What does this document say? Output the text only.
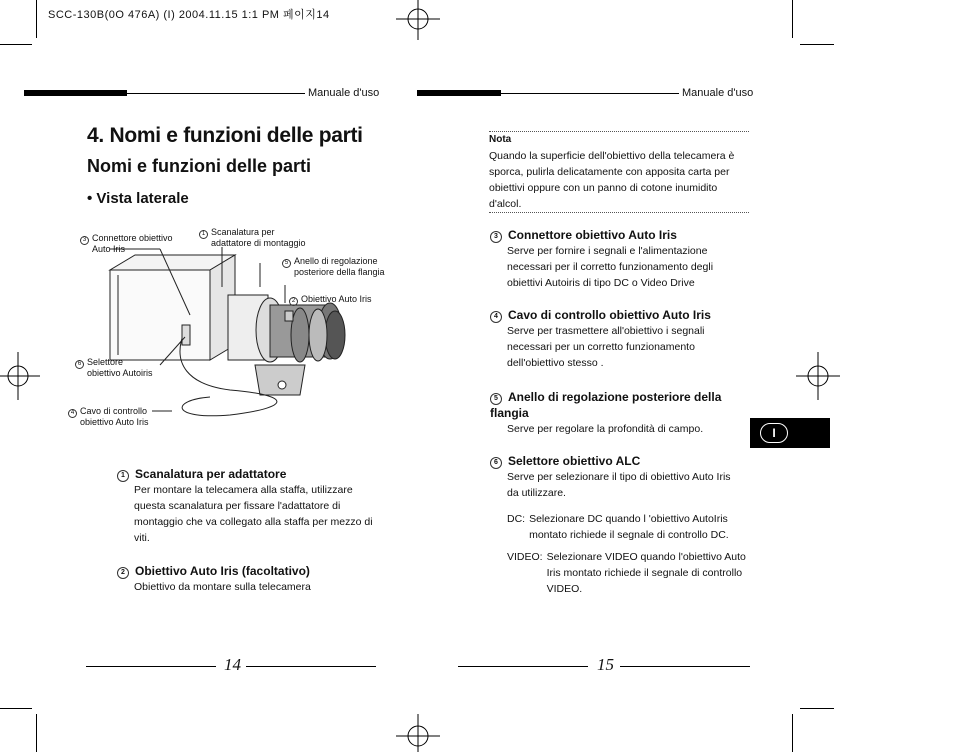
SCC-130B(0O 476A) (I) 2004.11.15 1:1 PM 페이지14
Manuale d'uso
4. Nomi e funzioni delle parti
Nomi e funzioni delle parti
• Vista laterale
3 Connettore obiettivo
Auto Iris
1 Scanalatura per
adattatore di montaggio
5 Anello di regolazione
posteriore della flangia
2 Obiettivo Auto Iris
6 Selettore
obiettivo Autoiris
4 Cavo di controllo
obiettivo Auto Iris
1 Scanalatura per adattatore
Per montare la telecamera alla staffa, utilizzare questa scanalatura per fissare l'adattatore di montaggio che va collegato alla staffa per mezzo di viti.
2 Obiettivo Auto Iris (facoltativo)
Obiettivo da montare sulla telecamera
14
Manuale d'uso
Nota
Quando la superficie dell'obiettivo della telecamera è sporca, pulirla delicatamente con apposita carta per obiettivi oppure con un panno di cotone inumidito d'alcol.
3 Connettore obiettivo Auto Iris
Serve per fornire i segnali e l'alimentazione necessari per il corretto funzionamento degli obiettivi Autoiris di tipo DC o Video Drive
4 Cavo di controllo obiettivo Auto Iris
Serve per trasmettere all'obiettivo i segnali necessari per un corretto funzionamento dell'obiettivo stesso .
5 Anello di regolazione posteriore della flangia
Serve per regolare la profondità di campo.
6 Selettore obiettivo ALC
Serve per selezionare il tipo di obiettivo Auto Iris da utilizzare.
DC: Selezionare DC quando l 'obiettivo AutoIris montato richiede il segnale di controllo DC.
VIDEO: Selezionare VIDEO quando l'obiettivo Auto Iris montato richiede il segnale di controllo VIDEO.
I
15
